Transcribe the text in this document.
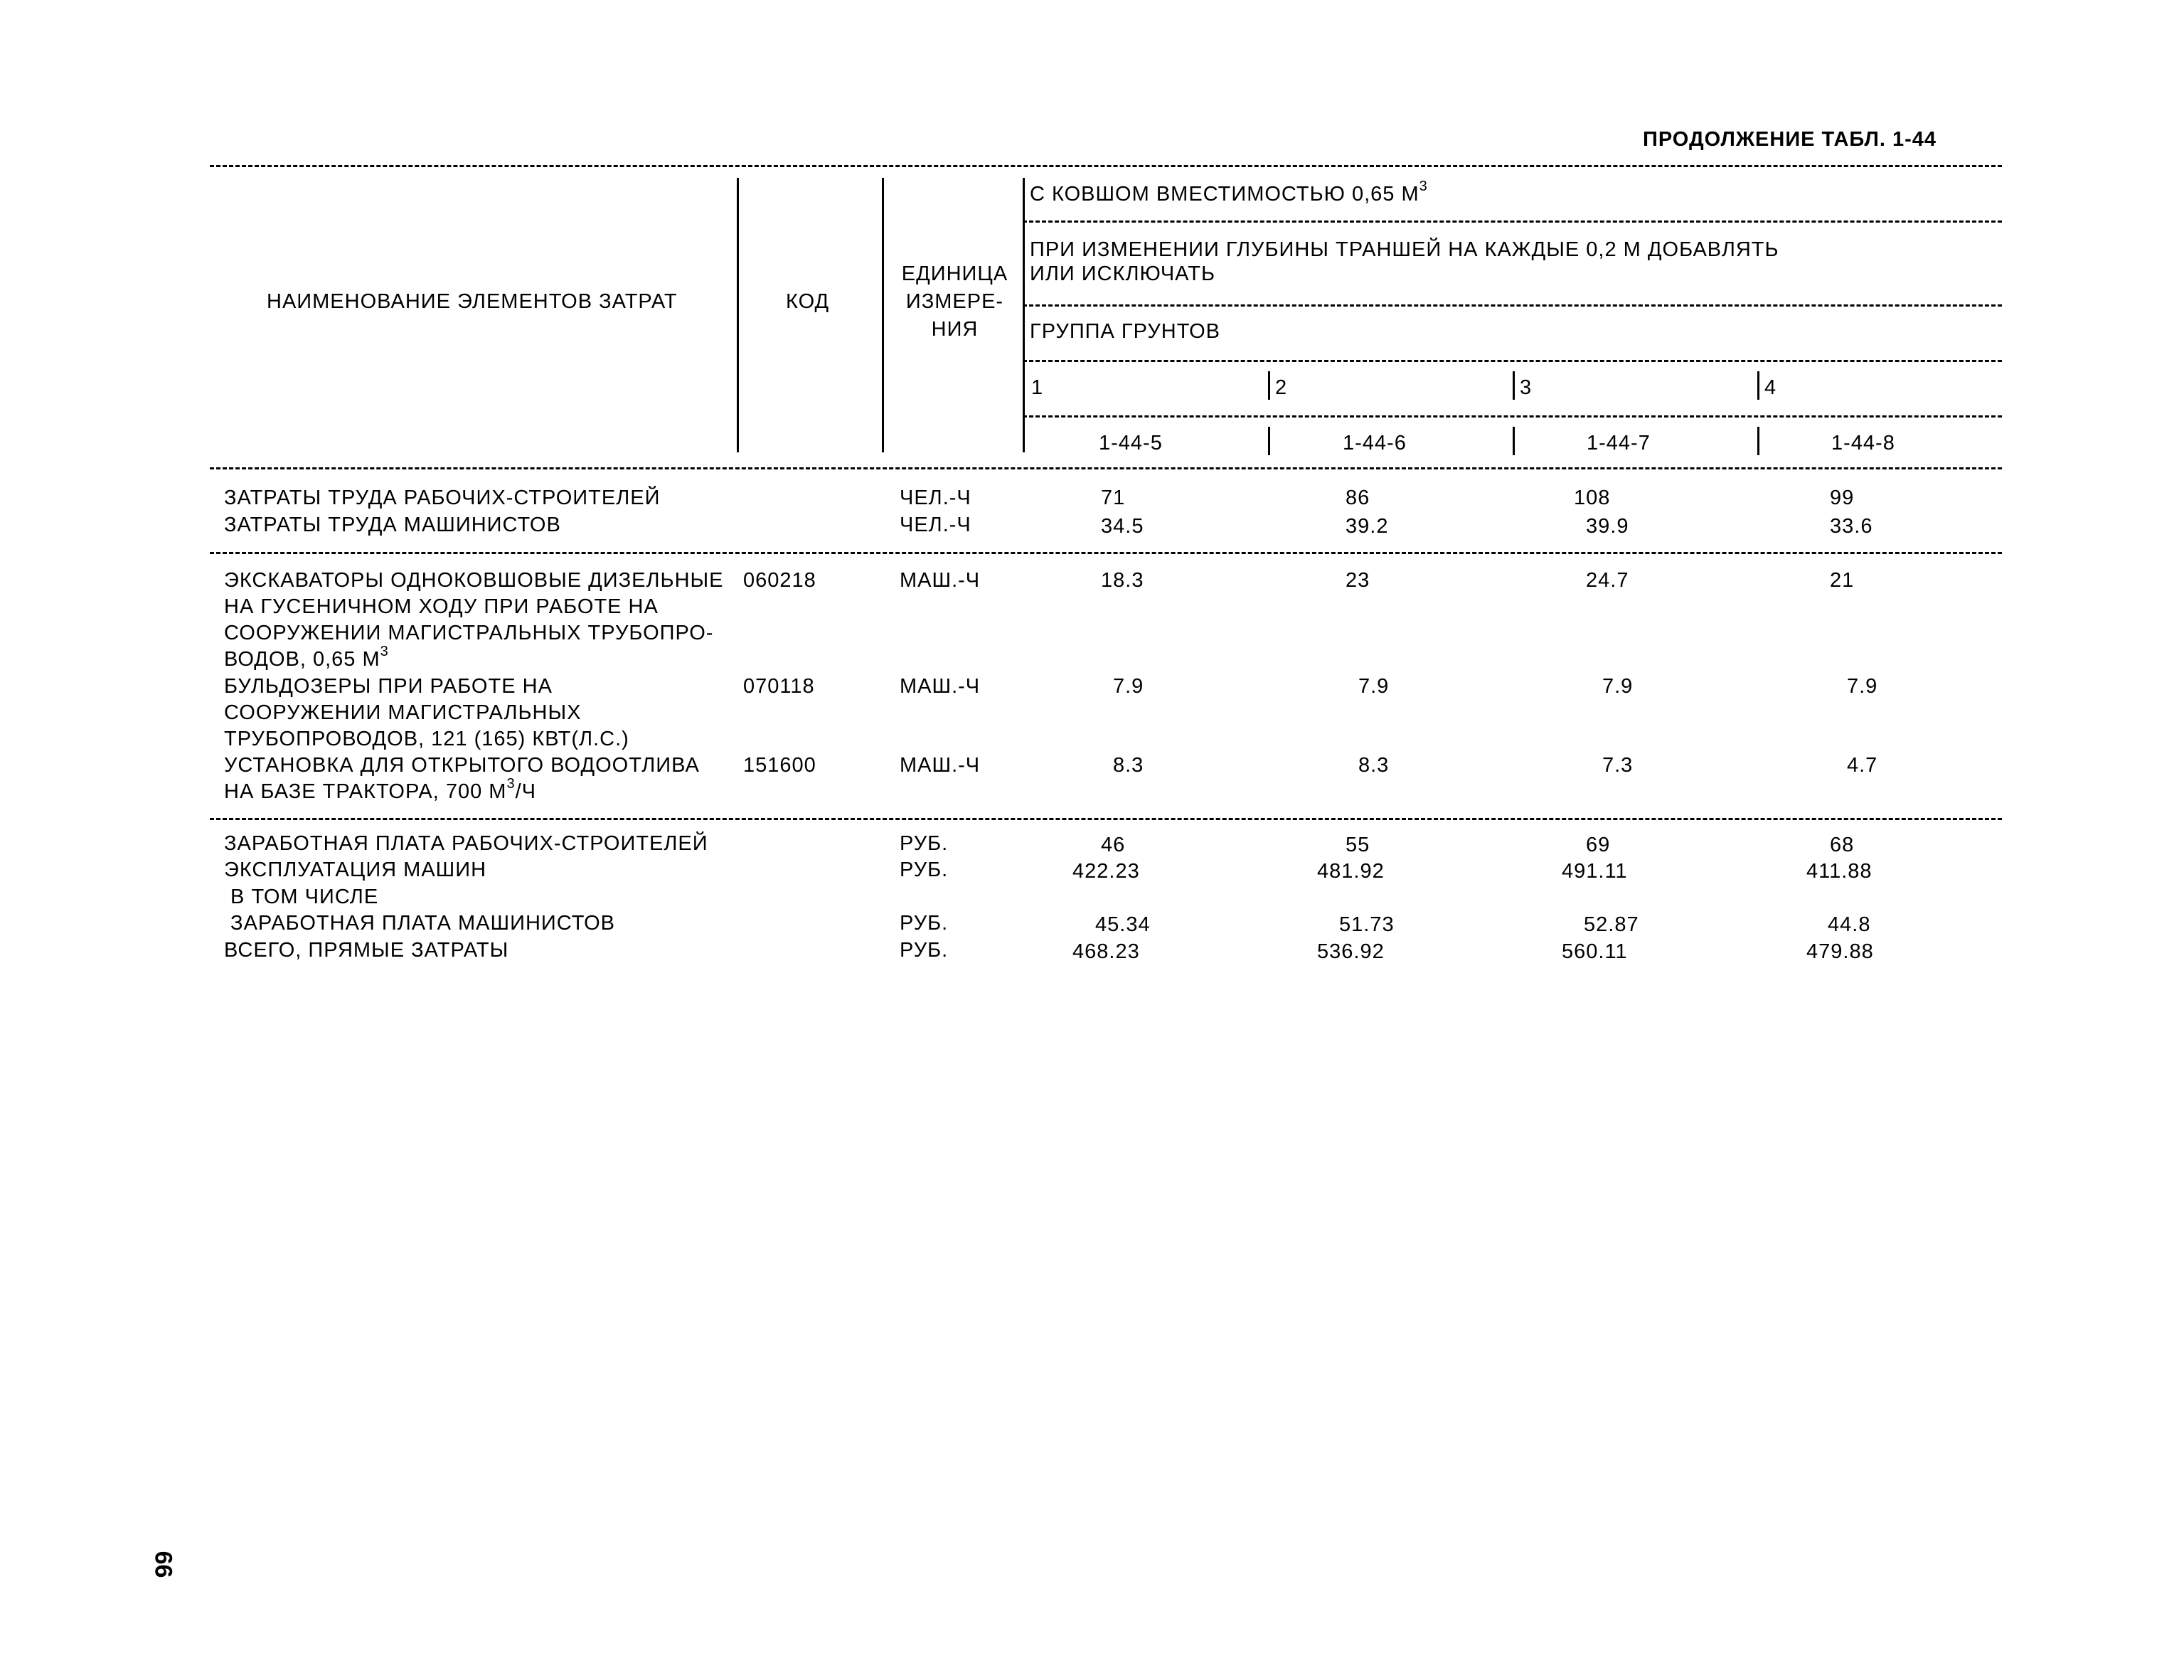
ПРОДОЛЖЕНИЕ ТАБЛ. 1-44
НАИМЕНОВАНИЕ ЭЛЕМЕНТОВ ЗАТРАТ	КОД
ЕДИНИЦА
ИЗМЕРЕ-
НИЯ
С КОВШОМ ВМЕСТИМОСТЬЮ 0,65 $М^3$
ПРИ ИЗМЕНЕНИИ ГЛУБИНЫ ТРАНШЕЙ НА КАЖДЫЕ 0,2 М ДОБАВЛЯТЬ
ИЛИ ИСКЛЮЧАТЬ
ГРУППА ГРУНТОВ
1	2	3	4
1-44-5	1-44-6	1-44-7	1-44-8
ЗАТРАТЫ ТРУДА РАБОЧИХ-СТРОИТЕЛЕЙ	ЧЕЛ.-Ч	71	86	108	99
ЗАТРАТЫ ТРУДА МАШИНИСТОВ	ЧЕЛ.-Ч	34.5	39.2	39.9	33.6
ЭКСКАВАТОРЫ ОДНОКОВШОВЫЕ ДИЗЕЛЬНЫЕ
НА ГУСЕНИЧНОМ ХОДУ ПРИ РАБОТЕ НА
СООРУЖЕНИИ МАГИСТРАЛЬНЫХ ТРУБОПРО-
ВОДОВ, 0,65 $М^3$
060218	МАШ.-Ч	18.3	23	24.7	21
БУЛЬДОЗЕРЫ ПРИ РАБОТЕ НА
СООРУЖЕНИИ МАГИСТРАЛЬНЫХ
ТРУБОПРОВОДОВ, 121 (165) КВТ(Л.С.)
070118	МАШ.-Ч	7.9	7.9	7.9	7.9
УСТАНОВКА ДЛЯ ОТКРЫТОГО ВОДООТЛИВА
НА БАЗЕ ТРАКТОРА, 700 $М^3/Ч$
151600	МАШ.-Ч	8.3	8.3	7.3	4.7
ЗАРАБОТНАЯ ПЛАТА РАБОЧИХ-СТРОИТЕЛЕЙ	РУБ.	46	55	69	68
ЭКСПЛУАТАЦИЯ МАШИН	РУБ.	422.23	481.92	491.11	411.88
В ТОМ ЧИСЛЕ
ЗАРАБОТНАЯ ПЛАТА МАШИНИСТОВ	РУБ.	45.34	51.73	52.87	44.8
ВСЕГО, ПРЯМЫЕ ЗАТРАТЫ	РУБ.	468.23	536.92	560.11	479.88
66
